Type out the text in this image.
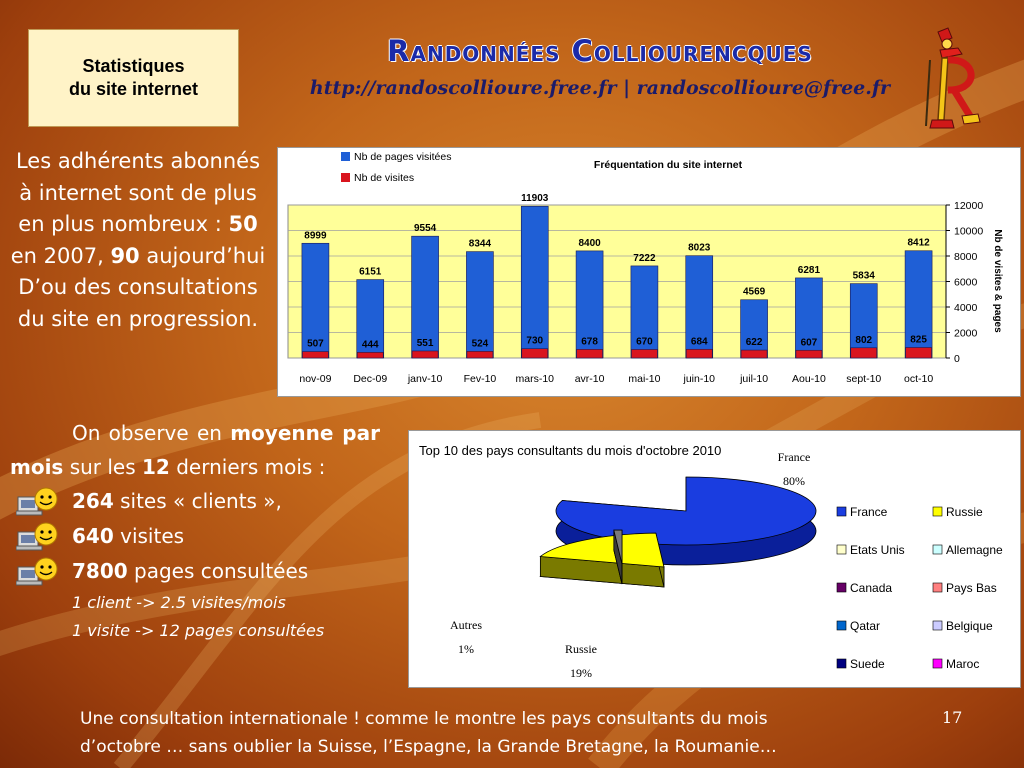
Statistiques
du site internet
Randonnées Colliourencques
http://randoscollioure.free.fr | randoscollioure@free.fr
Les adhérents abonnés à internet sont de plus en plus nombreux : 50 en 2007, 90 aujourd’hui D’ou des consultations du site en progression.
0
2000
4000
6000
8000
10000
12000
nov-09 Dec-09 janv-10 Fev-10 mars-10 avr-10 mai-10 juin-10 juil-10 Aou-10 sept-10 oct-10
8999
6151
9554
8344
11903
8400
7222
8023
4569
6281
5834
8412
507	444	551	524	730	678	670	684	622	607	802	825
Fréquentation du site internet
Nb de pages visitées
Nb de visites
Nb de visites & pages
Top 10 des pays consultants du mois d'octobre 2010	France
80%
Russie
19%
Autres
1%
France	Russie
Etats Unis	Allemagne
Canada	Pays Bas
Qatar	Belgique
Suede	Maroc

On observe en moyenne par mois sur les 12 derniers mois :

264 sites « clients »,
640 visites
7800 pages consultées
1 client -> 2.5 visites/mois
1 visite -> 12 pages consultées
Une consultation internationale ! comme le montre les pays consultants du mois
d’octobre … sans oublier la Suisse, l’Espagne, la Grande Bretagne, la Roumanie…
17
